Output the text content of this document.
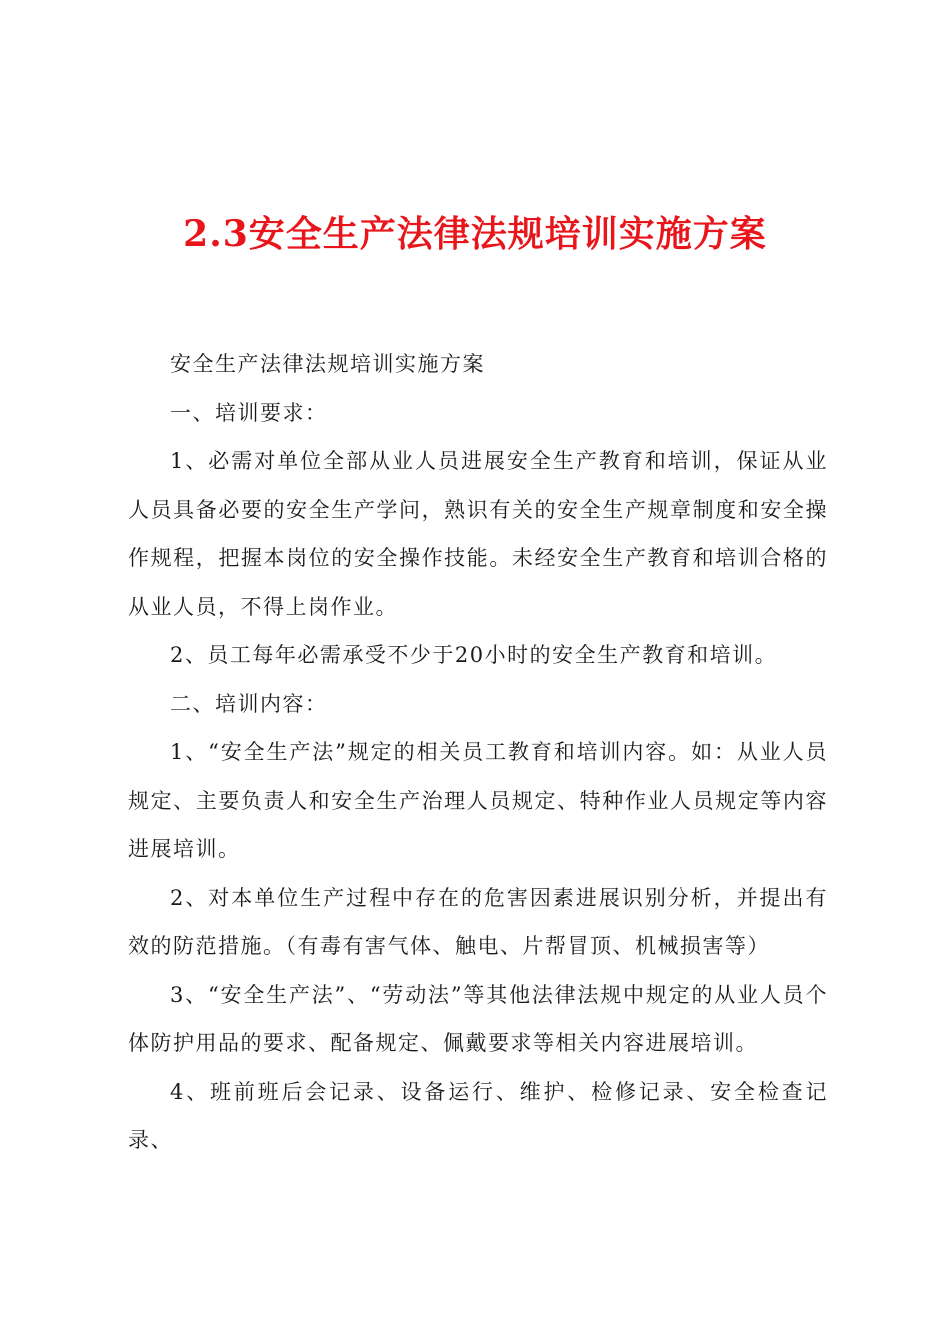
2.3安全生产法律法规培训实施方案

安全生产法律法规培训实施方案

一、培训要求：

1、必需对单位全部从业人员进展安全生产教育和培训，保证从业人员具备必要的安全生产学问，熟识有关的安全生产规章制度和安全操作规程，把握本岗位的安全操作技能。未经安全生产教育和培训合格的从业人员，不得上岗作业。

2、员工每年必需承受不少于20小时的安全生产教育和培训。

二、培训内容：

1、“安全生产法”规定的相关员工教育和培训内容。如：从业人员规定、主要负责人和安全生产治理人员规定、特种作业人员规定等内容进展培训。

2、对本单位生产过程中存在的危害因素进展识别分析，并提出有效的防范措施。（有毒有害气体、触电、片帮冒顶、机械损害等）

3、“安全生产法”、“劳动法”等其他法律法规中规定的从业人员个体防护用品的要求、配备规定、佩戴要求等相关内容进展培训。

4、班前班后会记录、设备运行、维护、检修记录、安全检查记录、
